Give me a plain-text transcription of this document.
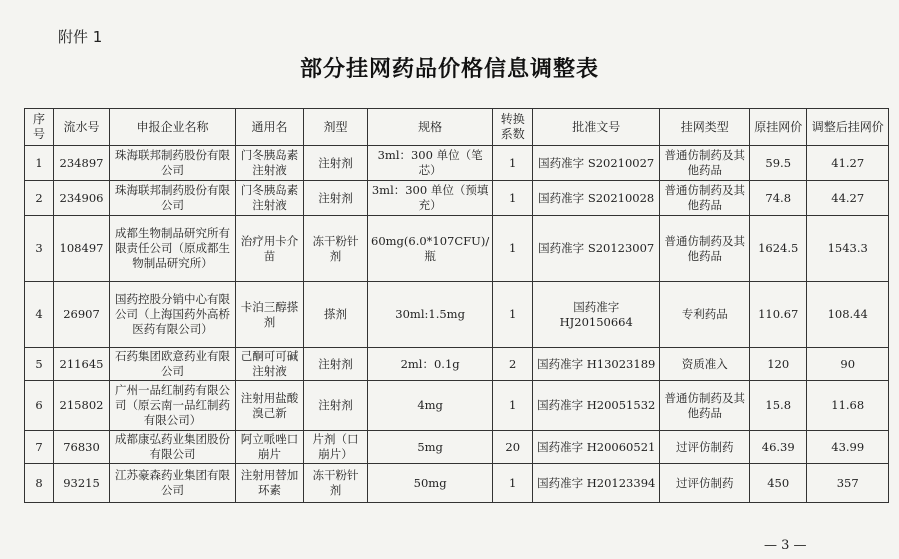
附件 1
部分挂网药品价格信息调整表
序号	流水号	申报企业名称	通用名	剂型	规格	转换系数	批准文号	挂网类型	原挂网价	调整后挂网价
1	234897	珠海联邦制药股份有限公司	门冬胰岛素注射液	注射剂	3ml：300 单位（笔芯）	1	国药准字 S20210027	普通仿制药及其他药品	59.5	41.27
2	234906	珠海联邦制药股份有限公司	门冬胰岛素注射液	注射剂	3ml：300 单位（预填充）	1	国药准字 S20210028	普通仿制药及其他药品	74.8	44.27
3	108497	成都生物制品研究所有限责任公司（原成都生物制品研究所）	治疗用卡介苗	冻干粉针剂	60mg(6.0*107CFU)/瓶	1	国药准字 S20123007	普通仿制药及其他药品	1624.5	1543.3
4	26907	国药控股分销中心有限公司（上海国药外高桥医药有限公司）	卡泊三醇搽剂	搽剂	30ml:1.5mg	1	国药准字 HJ20150664	专利药品	110.67	108.44
5	211645	石药集团欧意药业有限公司	己酮可可碱注射液	注射剂	2ml：0.1g	2	国药准字 H13023189	资质准入	120	90
6	215802	广州一品红制药有限公司（原云南一品红制药有限公司）	注射用盐酸溴己新	注射剂	4mg	1	国药准字 H20051532	普通仿制药及其他药品	15.8	11.68
7	76830	成都康弘药业集团股份有限公司	阿立哌唑口崩片	片剂（口崩片）	5mg	20	国药准字 H20060521	过评仿制药	46.39	43.99
8	93215	江苏豪森药业集团有限公司	注射用替加环素	冻干粉针剂	50mg	1	国药准字 H20123394	过评仿制药	450	357
— 3 —
